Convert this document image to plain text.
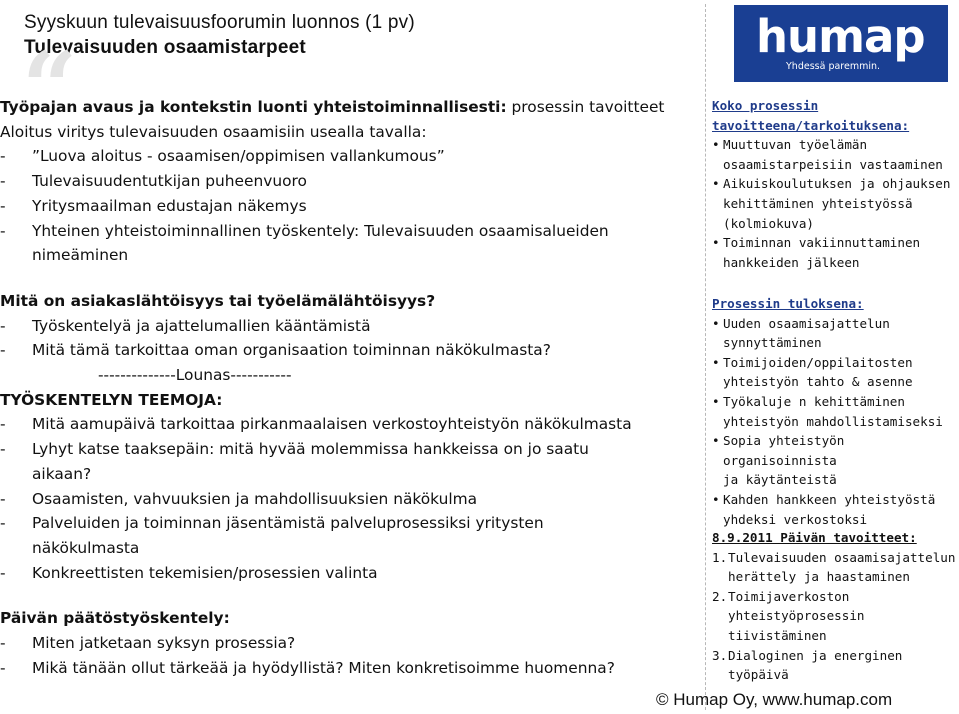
Syyskuun tulevaisuusfoorumin luonnos (1 pv)
Tulevaisuuden osaamistarpeet
“
Työpajan avaus ja kontekstin luonti yhteistoiminnallisesti: prosessin tavoitteet
Aloitus viritys tulevaisuuden osaamisiin usealla tavalla:
- ”Luova aloitus - osaamisen/oppimisen vallankumous”
- Tulevaisuudentutkijan puheenvuoro
- Yritysmaailman edustajan näkemys
- Yhteinen yhteistoiminnallinen työskentely: Tulevaisuuden osaamisalueiden
nimeäminen
Mitä on asiakaslähtöisyys tai työelämälähtöisyys?
- Työskentelyä ja ajattelumallien kääntämistä
- Mitä tämä tarkoittaa oman organisaation toiminnan näkökulmasta?
--------------Lounas-----------
TYÖSKENTELYN TEEMOJA:
- Mitä aamupäivä tarkoittaa pirkanmaalaisen verkostoyhteistyön näkökulmasta
- Lyhyt katse taaksepäin: mitä hyvää molemmissa hankkeissa on jo saatu
aikaan?
- Osaamisten, vahvuuksien ja mahdollisuuksien näkökulma
- Palveluiden ja toiminnan jäsentämistä palveluprosessiksi yritysten
näkökulmasta
- Konkreettisten tekemisien/prosessien valinta
Päivän päätöstyöskentely:
- Miten jatketaan syksyn prosessia?
- Mikä tänään ollut tärkeää ja hyödyllistä? Miten konkretisoimme huomenna?
humap
Yhdessä paremmin.
Koko prosessin
tavoitteena/tarkoituksena:
• Muuttuvan työelämän
osaamistarpeisiin vastaaminen
• Aikuiskoulutuksen ja ohjauksen
kehittäminen yhteistyössä
(kolmiokuva)
• Toiminnan vakiinnuttaminen
hankkeiden jälkeen
Prosessin tuloksena:
• Uuden osaamisajattelun
synnyttäminen
• Toimijoiden/oppilaitosten
yhteistyön tahto & asenne
• Työkaluje n kehittäminen
yhteistyön mahdollistamiseksi
• Sopia yhteistyön organisoinnista
ja käytänteistä
• Kahden hankkeen yhteistyöstä
yhdeksi verkostoksi
8.9.2011 Päivän tavoitteet:
1. Tulevaisuuden osaamisajattelun
herättely ja haastaminen
2. Toimijaverkoston
yhteistyöprosessin tiivistäminen
3. Dialoginen ja energinen
työpäivä
© Humap Oy, www.humap.com
